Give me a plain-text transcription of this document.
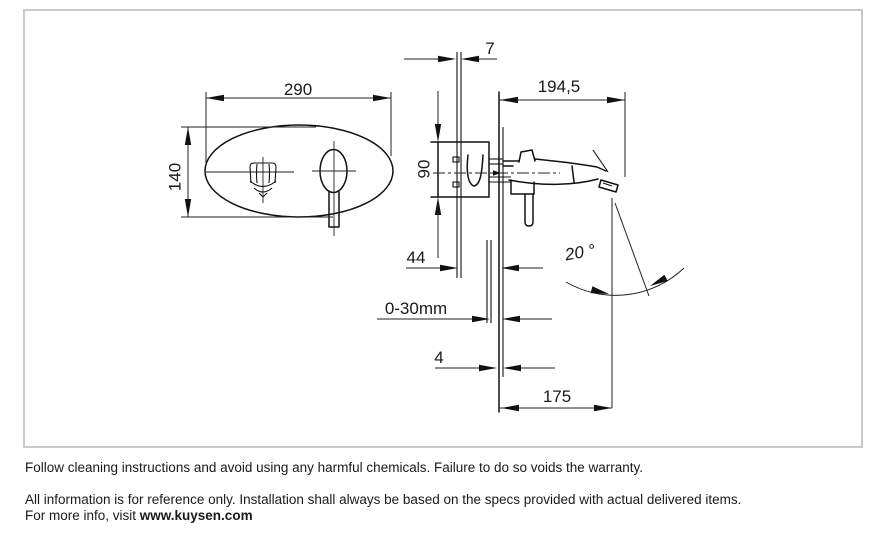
290
140
7
194,5
90
44
0-30mm
4
175
20 °
Follow cleaning instructions and avoid using any harmful chemicals. Failure to do so voids the warranty.
All information is for reference only. Installation shall always be based on the specs provided with actual delivered items.
For more info, visit www.kuysen.com
